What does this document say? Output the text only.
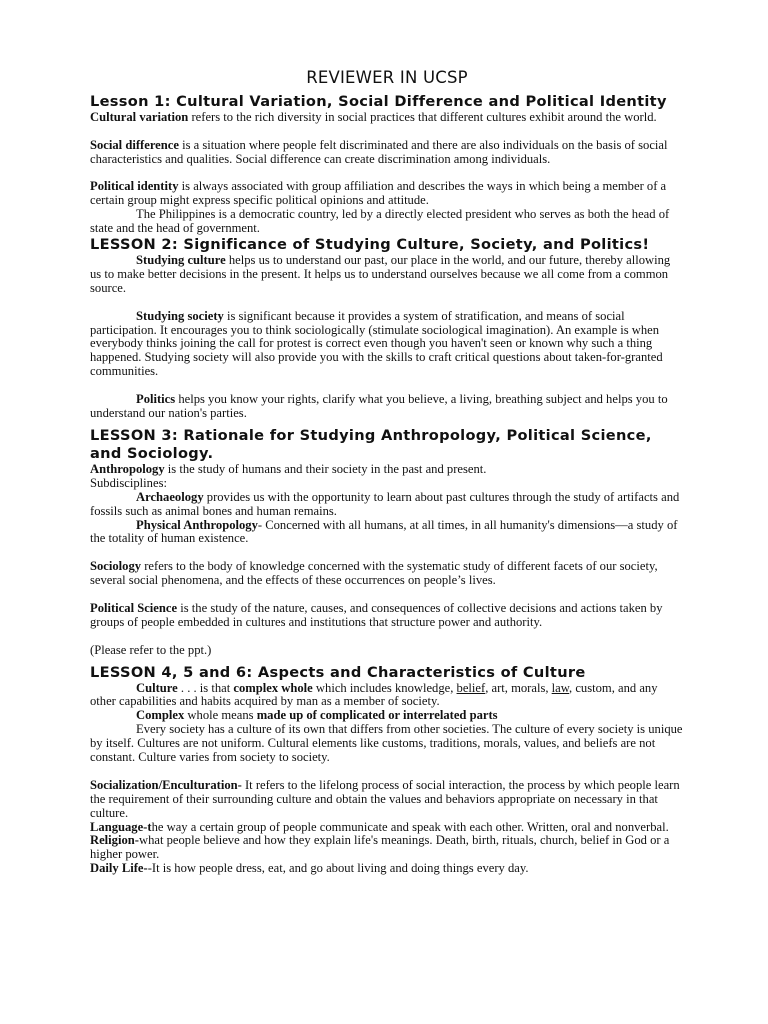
REVIEWER IN UCSP
Lesson 1: Cultural Variation, Social Difference and Political Identity

Cultural variation refers to the rich diversity in social practices that different cultures exhibit around the world.

Social difference is a situation where people felt discriminated and there are also individuals on the basis of social characteristics and qualities. Social difference can create discrimination among individuals.

Political identity is always associated with group affiliation and describes the ways in which being a member of a certain group might express specific political opinions and attitude.

The Philippines is a democratic country, led by a directly elected president who serves as both the head of state and the head of government.

LESSON 2: Significance of Studying Culture, Society, and Politics!

Studying culture helps us to understand our past, our place in the world, and our future, thereby allowing us to make better decisions in the present. It helps us to understand ourselves because we all come from a common source.

Studying society is significant because it provides a system of stratification, and means of social participation. It encourages you to think sociologically (stimulate sociological imagination). An example is when everybody thinks joining the call for protest is correct even though you haven't seen or known why such a thing happened. Studying society will also provide you with the skills to craft critical questions about taken-for-granted communities.

Politics helps you know your rights, clarify what you believe, a living, breathing subject and helps you to understand our nation's parties.

LESSON 3: Rationale for Studying Anthropology, Political Science, and Sociology.

Anthropology is the study of humans and their society in the past and present.

Subdisciplines:

Archaeology provides us with the opportunity to learn about past cultures through the study of artifacts and fossils such as animal bones and human remains.

Physical Anthropology- Concerned with all humans, at all times, in all humanity's dimensions—a study of the totality of human existence.

Sociology refers to the body of knowledge concerned with the systematic study of different facets of our society, several social phenomena, and the effects of these occurrences on people’s lives.

Political Science is the study of the nature, causes, and consequences of collective decisions and actions taken by groups of people embedded in cultures and institutions that structure power and authority.

(Please refer to the ppt.)

LESSON 4, 5 and 6: Aspects and Characteristics of Culture

Culture . . . is that complex whole which includes knowledge, belief, art, morals, law, custom, and any other capabilities and habits acquired by man as a member of society.

Complex whole means made up of complicated or interrelated parts

Every society has a culture of its own that differs from other societies. The culture of every society is unique by itself. Cultures are not uniform. Cultural elements like customs, traditions, morals, values, and beliefs are not constant. Culture varies from society to society.

Socialization/Enculturation- It refers to the lifelong process of social interaction, the process by which people learn the requirement of their surrounding culture and obtain the values and behaviors appropriate on necessary in that culture.

Language-the way a certain group of people communicate and speak with each other. Written, oral and nonverbal.

Religion-what people believe and how they explain life's meanings. Death, birth, rituals, church, belief in God or a higher power.

Daily Life--It is how people dress, eat, and go about living and doing things every day.
